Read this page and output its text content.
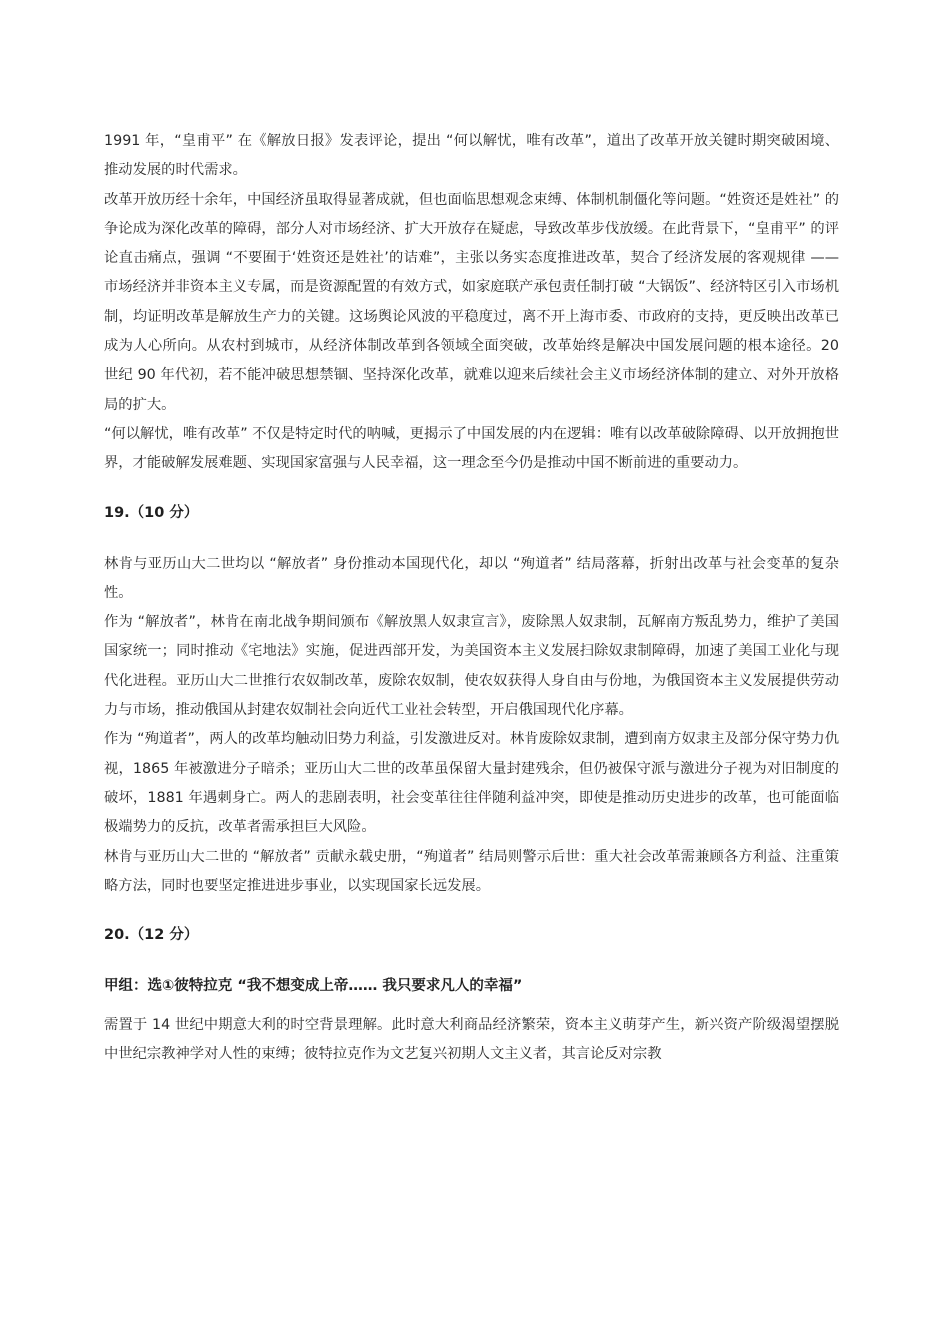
1991 年，“皇甫平” 在《解放日报》发表评论，提出 “何以解忧，唯有改革”，道出了改革开放关键时期突破困境、推动发展的时代需求。

改革开放历经十余年，中国经济虽取得显著成就，但也面临思想观念束缚、体制机制僵化等问题。“姓资还是姓社” 的争论成为深化改革的障碍，部分人对市场经济、扩大开放存在疑虑，导致改革步伐放缓。在此背景下，“皇甫平” 的评论直击痛点，强调 “不要囿于‘姓资还是姓社’的诘难”，主张以务实态度推进改革，契合了经济发展的客观规律 —— 市场经济并非资本主义专属，而是资源配置的有效方式，如家庭联产承包责任制打破 “大锅饭”、经济特区引入市场机制，均证明改革是解放生产力的关键。这场舆论风波的平稳度过，离不开上海市委、市政府的支持，更反映出改革已成为人心所向。从农村到城市，从经济体制改革到各领域全面突破，改革始终是解决中国发展问题的根本途径。20 世纪 90 年代初，若不能冲破思想禁锢、坚持深化改革，就难以迎来后续社会主义市场经济体制的建立、对外开放格局的扩大。

“何以解忧，唯有改革” 不仅是特定时代的呐喊，更揭示了中国发展的内在逻辑：唯有以改革破除障碍、以开放拥抱世界，才能破解发展难题、实现国家富强与人民幸福，这一理念至今仍是推动中国不断前进的重要动力。

19.（10 分）

林肯与亚历山大二世均以 “解放者” 身份推动本国现代化，却以 “殉道者” 结局落幕，折射出改革与社会变革的复杂性。

作为 “解放者”，林肯在南北战争期间颁布《解放黑人奴隶宣言》，废除黑人奴隶制，瓦解南方叛乱势力，维护了美国国家统一；同时推动《宅地法》实施，促进西部开发，为美国资本主义发展扫除奴隶制障碍，加速了美国工业化与现代化进程。亚历山大二世推行农奴制改革，废除农奴制，使农奴获得人身自由与份地，为俄国资本主义发展提供劳动力与市场，推动俄国从封建农奴制社会向近代工业社会转型，开启俄国现代化序幕。

作为 “殉道者”，两人的改革均触动旧势力利益，引发激进反对。林肯废除奴隶制，遭到南方奴隶主及部分保守势力仇视，1865 年被激进分子暗杀；亚历山大二世的改革虽保留大量封建残余，但仍被保守派与激进分子视为对旧制度的破坏，1881 年遇刺身亡。两人的悲剧表明，社会变革往往伴随利益冲突，即使是推动历史进步的改革，也可能面临极端势力的反抗，改革者需承担巨大风险。

林肯与亚历山大二世的 “解放者” 贡献永载史册，“殉道者” 结局则警示后世：重大社会改革需兼顾各方利益、注重策略方法，同时也要坚定推进进步事业，以实现国家长远发展。

20.（12 分）
甲组：选①彼特拉克 “我不想变成上帝…… 我只要求凡人的幸福”

需置于 14 世纪中期意大利的时空背景理解。此时意大利商品经济繁荣，资本主义萌芽产生，新兴资产阶级渴望摆脱中世纪宗教神学对人性的束缚；彼特拉克作为文艺复兴初期人文主义者，其言论反对宗教
